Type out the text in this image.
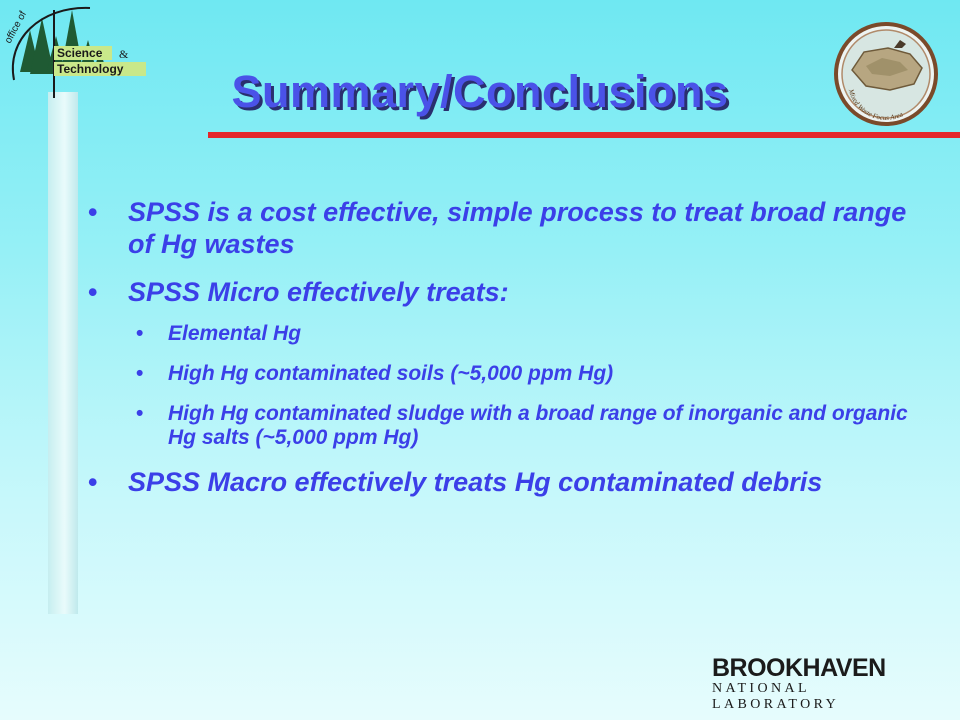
office of
Science &
Technology
Mixed Waste Focus Area
Summary/Conclusions
• SPSS is a cost effective, simple process to treat broad range of Hg wastes
• SPSS Micro effectively treats:
• Elemental Hg
• High Hg contaminated soils (~5,000 ppm Hg)
• High Hg contaminated sludge with a broad range of inorganic and organic Hg salts (~5,000 ppm Hg)
• SPSS Macro effectively treats Hg contaminated debris
BROOKHAVEN
NATIONAL LABORATORY
